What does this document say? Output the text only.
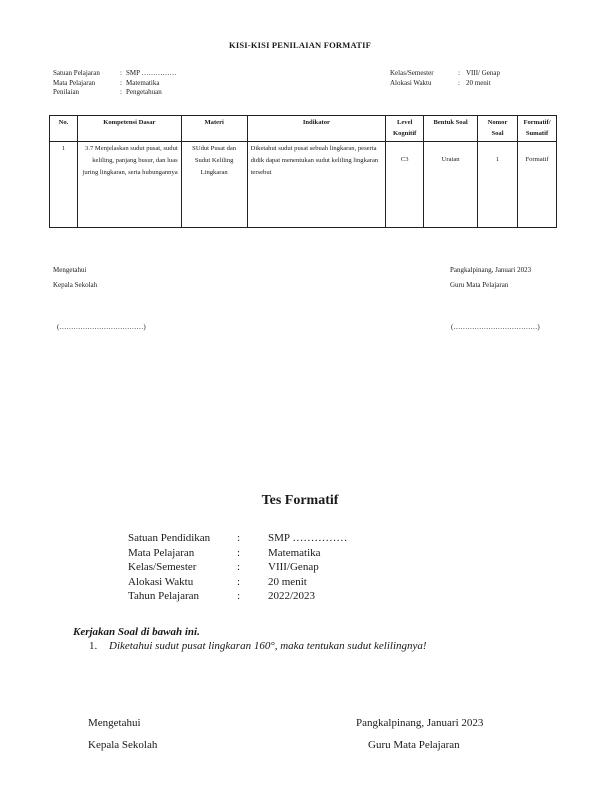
KISI-KISI PENILAIAN FORMATIF
Satuan Pelajaran	: SMP ……………
Mata Pelajaran	: Matematika
Penilaian	: Pengetahuan
Kelas/Semester	: VIII/ Genap
Alokasi Waktu	: 20 menit
No.	Kompetensi Dasar	Materi	Indikator	Level Kognitif	Bentuk Soal	Nomor Soal	Formatif/ Sumatif
1	3.7 Menjelaskan sudut pusat, sudut keliling, panjang busur, dan luas juring lingkaran, serta hubungannya	SUdut Pusat dan Sudut Keliling Lingkaran	Diketahui sudut pusat sebuah lingkaran, peserta didik dapat menentukan sudut keliling lingkaran tersebut	C3	Uraian	1	Formatif
Mengetahui
Kepala Sekolah
Pangkalpinang, Januari 2023
Guru Mata Pelajaran
(………………………………)	(………………………………)
Tes Formatif
Satuan Pendidikan	:	SMP ……………
Mata Pelajaran	:	Matematika
Kelas/Semester	:	VIII/Genap
Alokasi Waktu	:	20 menit
Tahun Pelajaran	:	2022/2023
Kerjakan Soal di bawah ini.
1. Diketahui sudut pusat lingkaran 160°, maka tentukan sudut kelilingnya!
Mengetahui
Kepala Sekolah
Pangkalpinang, Januari 2023
Guru Mata Pelajaran
